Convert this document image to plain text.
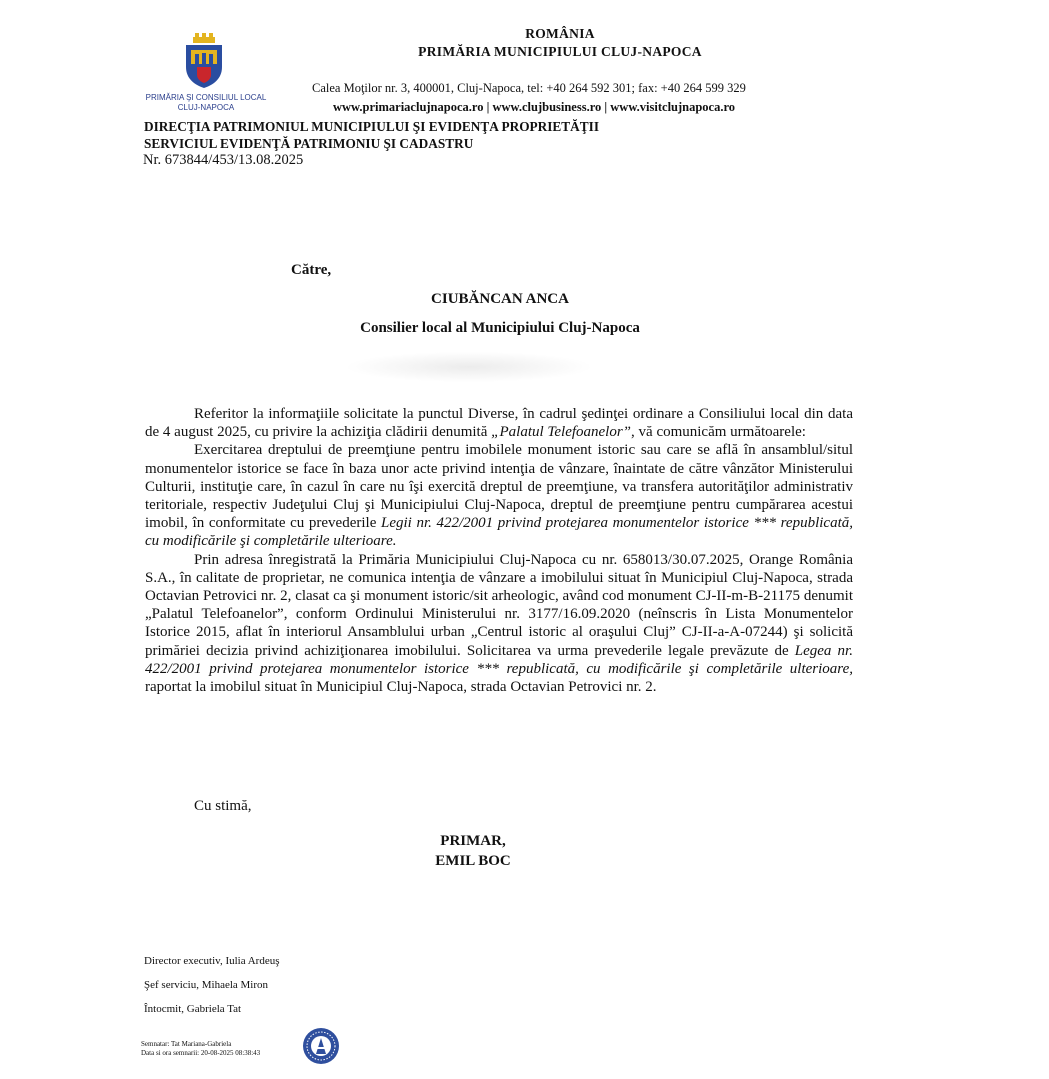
PRIMĂRIA ŞI CONSILIUL LOCAL
CLUJ-NAPOCA
ROMÂNIA
PRIMĂRIA MUNICIPIULUI CLUJ-NAPOCA
Calea Moţilor nr. 3, 400001, Cluj-Napoca, tel: +40 264 592 301; fax: +40 264 599 329
www.primariaclujnapoca.ro | www.clujbusiness.ro | www.visitclujnapoca.ro
DIRECŢIA PATRIMONIUL MUNICIPIULUI ŞI EVIDENŢA PROPRIETĂŢII
SERVICIUL EVIDENŢĂ PATRIMONIU ŞI CADASTRU
Nr. 673844/453/13.08.2025
Către,
CIUBĂNCAN ANCA
Consilier local al Municipiului Cluj-Napoca

Referitor la informaţiile solicitate la punctul Diverse, în cadrul şedinţei ordinare a Consiliului local din data de 4 august 2025, cu privire la achiziţia clădirii denumită „Palatul Telefoanelor”, vă comunicăm următoarele:

Exercitarea dreptului de preemţiune pentru imobilele monument istoric sau care se află în ansamblul/situl monumentelor istorice se face în baza unor acte privind intenţia de vânzare, înaintate de către vânzător Ministerului Culturii, instituţie care, în cazul în care nu îşi exercită dreptul de preemţiune, va transfera autorităţilor administrativ teritoriale, respectiv Judeţului Cluj şi Municipiului Cluj-Napoca, dreptul de preemţiune pentru cumpărarea acestui imobil, în conformitate cu prevederile Legii nr. 422/2001 privind protejarea monumentelor istorice *** republicată, cu modificările şi completările ulterioare.

Prin adresa înregistrată la Primăria Municipiului Cluj-Napoca cu nr. 658013/30.07.2025, Orange România S.A., în calitate de proprietar, ne comunica intenţia de vânzare a imobilului situat în Municipiul Cluj-Napoca, strada Octavian Petrovici nr. 2, clasat ca şi monument istoric/sit arheologic, având cod monument CJ-II-m-B-21175 denumit „Palatul Telefoanelor”, conform Ordinului Ministerului nr. 3177/16.09.2020 (neînscris în Lista Monumentelor Istorice 2015, aflat în interiorul Ansamblului urban „Centrul istoric al oraşului Cluj” CJ-II-a-A-07244) şi solicită primăriei decizia privind achiziţionarea imobilului. Solicitarea va urma prevederile legale prevăzute de Legea nr. 422/2001 privind protejarea monumentelor istorice *** republicată, cu modificările şi completările ulterioare, raportat la imobilul situat în Municipiul Cluj-Napoca, strada Octavian Petrovici nr. 2.

Cu stimă,
PRIMAR,
EMIL BOC
Director executiv, Iulia Ardeuş
Şef serviciu, Mihaela Miron
Întocmit, Gabriela Tat
Semnatar: Tat Mariana-Gabriela
Data si ora semnarii: 20-08-2025 08:38:43
